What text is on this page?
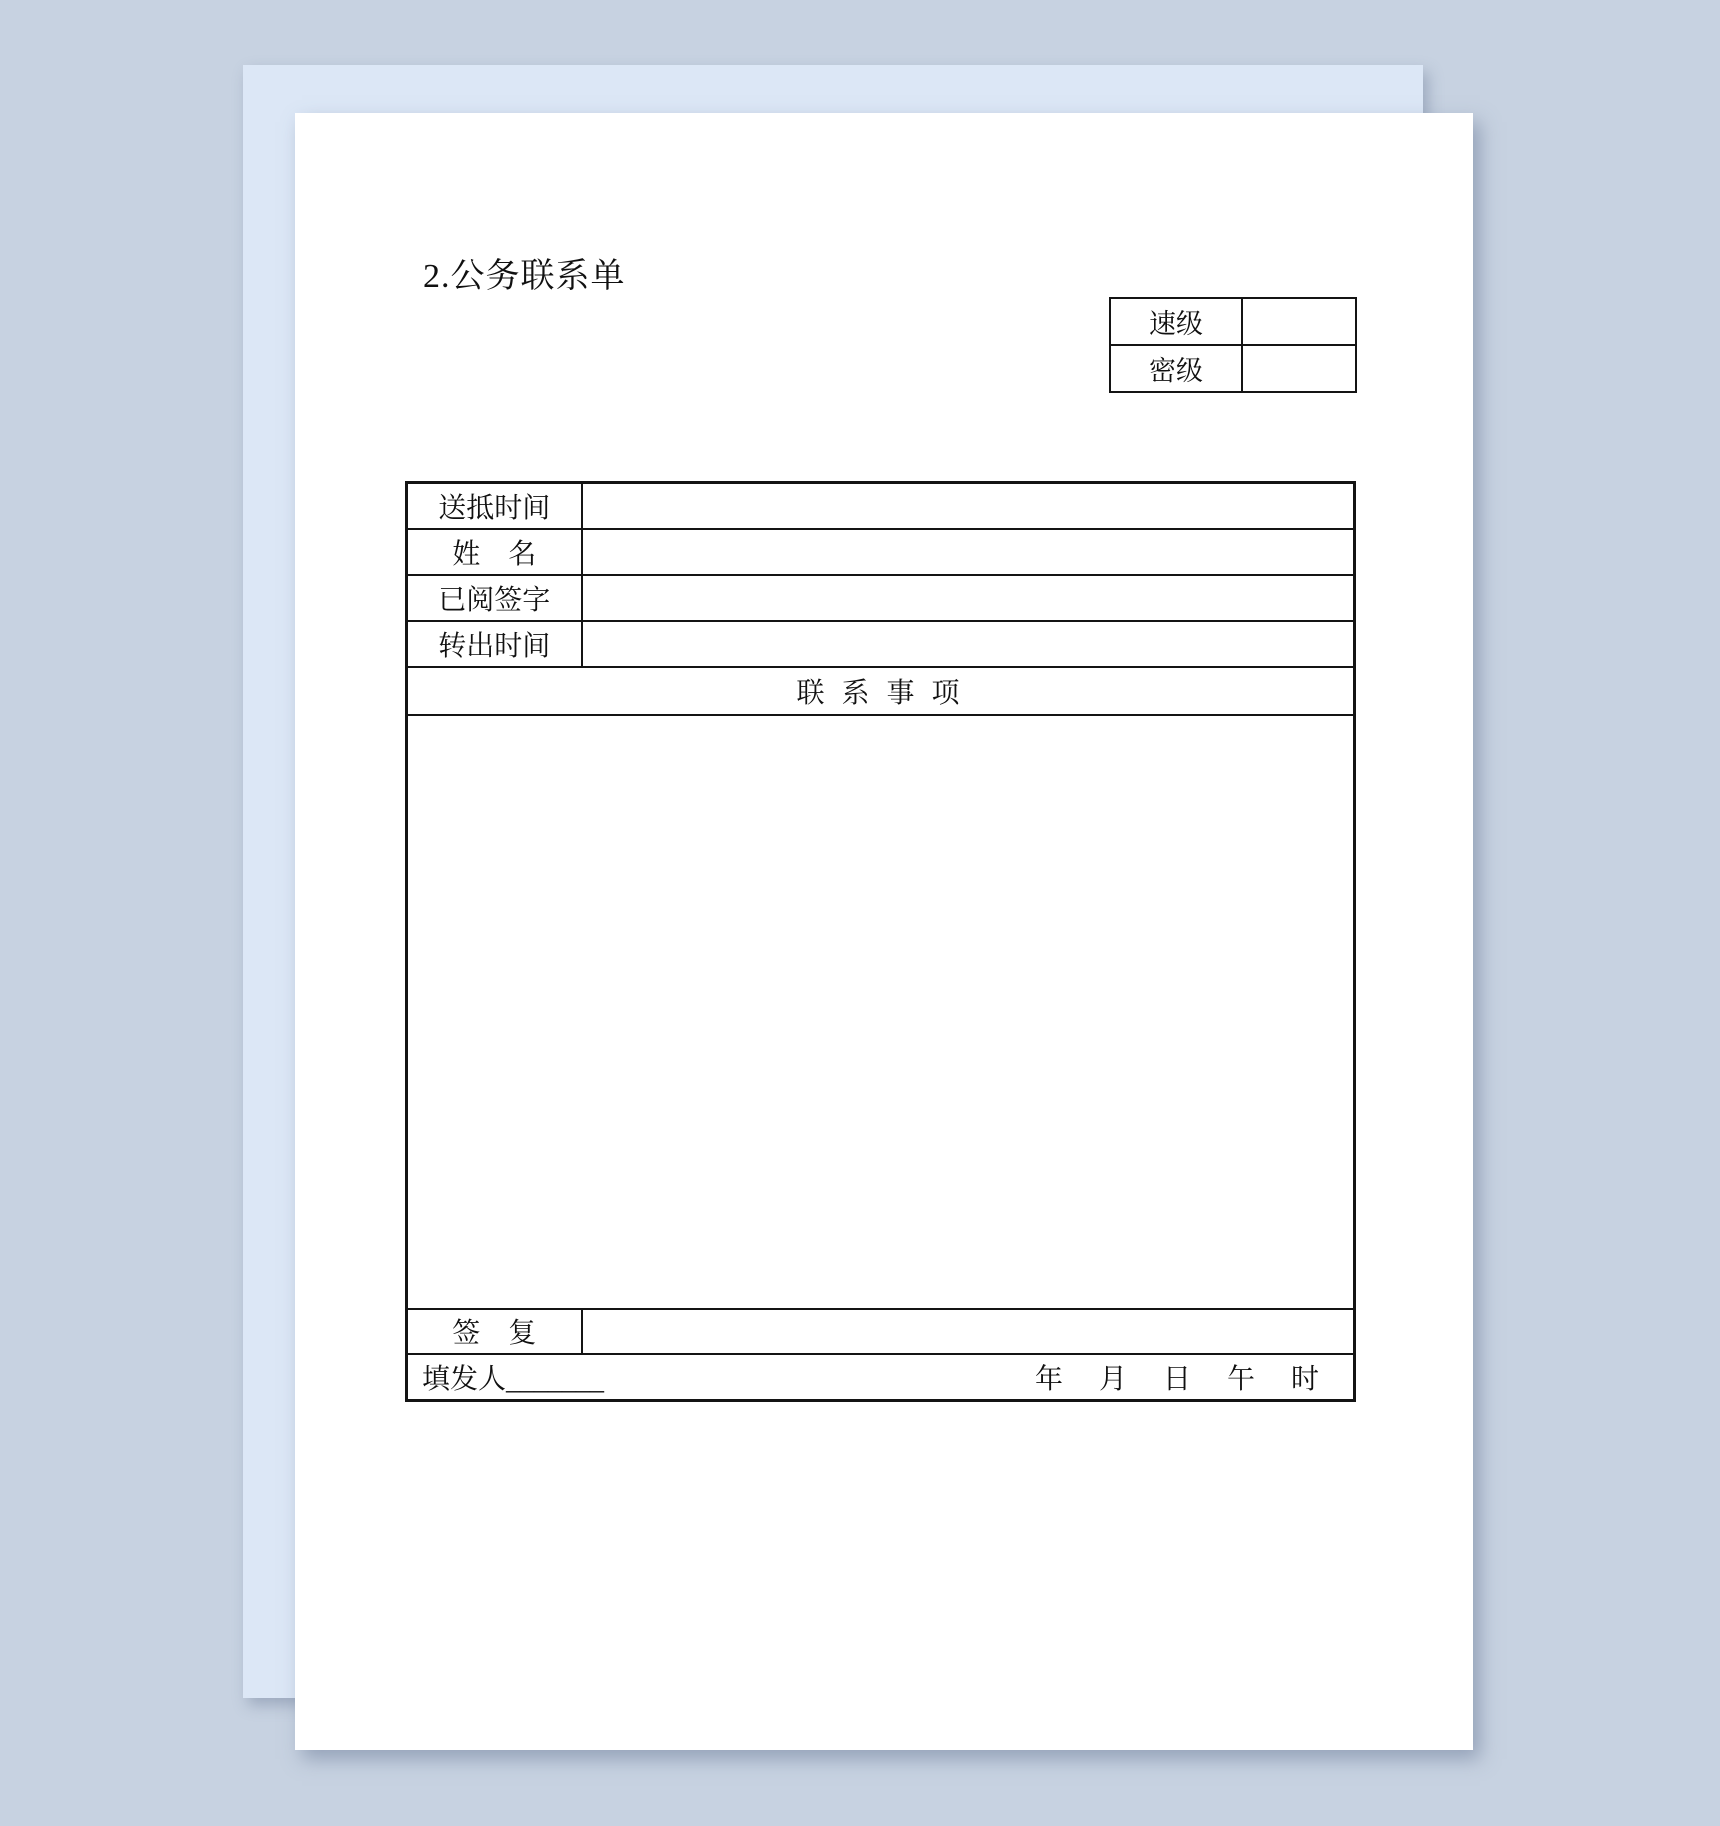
2.公务联系单
速级	
密级	
送抵时间	
姓　名	
已阅签字	
转出时间	
联 系 事 项	

签　复	

填发人 _______ 年　月　日　午　时	
